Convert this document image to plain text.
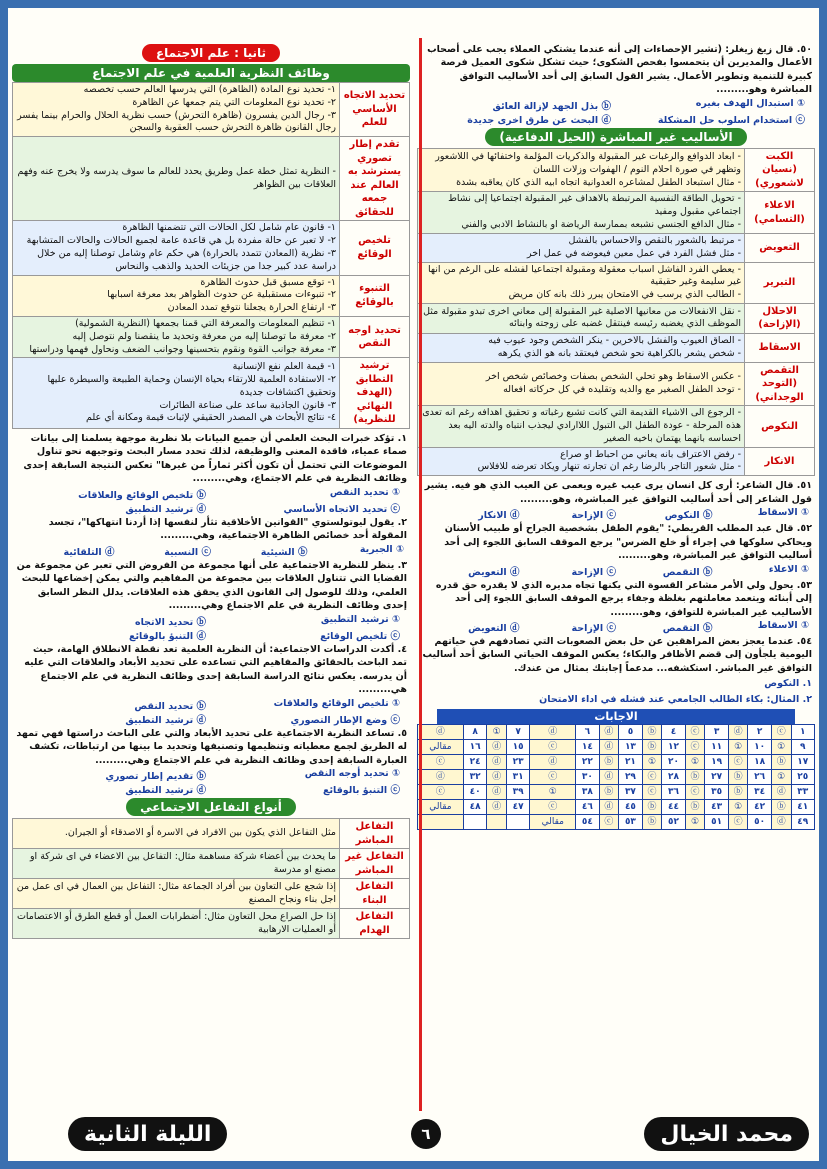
٥٠. قال زيغ زيغلر: (تشير الإحصاءات إلى أنه عندما يشتكي العملاء يجب على أصحاب الأعمال والمديرين أن يتحمسوا بفحص الشكوى؛ حيث تشكل شكوى العميل فرصة كبيرة للتنمية وتطوير الأعمال. يشير القول السابق إلى أحد الأساليب التوافق المباشرة وهو.........
① استبدال الهدف بغيره
ⓑ بذل الجهد لإزالة العائق
ⓒ استخدام اسلوب حل المشكلة
ⓓ البحث عن طرق اخرى جديدة
الأساليب غير المباشرة (الحيل الدفاعية)
الكبت (نسيان لاشعوري)	- ابعاد الدوافع والرغبات غير المقبولة والذكريات المؤلمة واختفائها في اللاشعور وتظهر في صورة احلام النوم / الهفوات وزلات اللسان
- مثال استبعاد الطفل لمشاعره العدوانية اتجاه ابيه الذي كان يعاقبه بشدة
الاعلاء (التسامي)	- تحويل الطاقة النفسية المرتبطة بالاهداف غير المقبولة اجتماعيا إلى نشاط اجتماعي مقبول ومفيد
- مثال الدافع الجنسي نشبعه بممارسة الرياضة او بالنشاط الادبي والفني
التعويض	- مرتبط بالشعور بالنقص والاحساس بالفشل
- مثل فشل الفرد في عمل معين فيعوضه في عمل اخر
التبرير	- يعطي الفرد الفاشل اسباب معقولة ومقبولة اجتماعيا لفشله على الرغم من انها غير سليمة وغير حقيقية
- الطالب الذي يرسب في الامتحان يبرر ذلك بانه كان مريض
الاحلال (الإزاحة)	- نقل الانفعالات من معانيها الاصلية غير المقبولة إلى معاني اخرى تبدو مقبولة مثل الموظف الذي يغضبه رئيسه فينتقل غضبه على زوجته وابنائه
الاسقاط	- الصاق العيوب والفشل بالاخرين - ينكر الشخص وجود عيوب فيه
- شخص يشعر بالكراهية نحو شخص فيعتقد بانه هو الذي يكرهه
التقمص (التوحد الوجداني)	- عكس الاسقاط وهو تحلي الشخص بصفات وخصائص شخص اخر
- توحد الطفل الصغير مع والديه وتقليده في كل حركاته افعاله
النكوص	- الرجوع الى الاشياء القديمة التي كانت تشبع رغباته و تحقيق اهدافه رغم انه تعدى هذه المرحلة - عودة الطفل الى التبول اللاارادي ليجذب انتباه والدته اليه بعد احساسه بانهما يهتمان باخيه الصغير
الانكار	- رفض الاعتراف بانه يعاني من احباط او صراع
- مثل شعور التاجر بالرضا رغم ان تجارته تنهار ويكاد تعرضه للافلاس
٥١. قال الشاعر: أرى كل انسان يرى عيب غيره ويعمى عن العيب الذي هو فيه. يشير قول الشاعر إلى أحد أساليب التوافق غير المباشرة، وهو.........
① الاسقاط
ⓑ النكوص
ⓒ الإزاحة
ⓓ الانكار
٥٢. قال عبد المطلب القريطي: "يقوم الطفل بشخصية الجراح أو طبيب الأسنان ويحاكي سلوكها في إجراء أو خلع الضرس" يرجع الموقف السابق اللجوء إلى أحد أساليب التوافق غير المباشرة، وهو.........
① الاعلاء
ⓑ التقمص
ⓒ الإزاحة
ⓓ التعويض
٥٣. يحول ولي الأمر مشاعر القسوة التي يكنها تجاه مديره الذي لا يقدره حق قدره إلى أبنائه ويتعمد معاملتهم بغلظة وجفاء يرجع الموقف السابق اللجوء إلى أحد الأساليب غير المباشرة للتوافق، وهو.........
① الاسقاط
ⓑ التقمص
ⓒ الإزاحة
ⓓ التعويض
٥٤. عندما يعجز بعض المراهقين عن حل بعض الصعوبات التي تصادفهم في حياتهم اليومية يلجأون إلى قضم الأظافر والبكاء؛ يعكس الموقف الحياتي السابق أحد أساليب التوافق غير المباشر. استكشفه... مدعماً إجابتك بمثال من عندك.
١. النكوص
٢. المثال: بكاء الطالب الجامعي عند فشله في اداء الامتحان
الاجابات
١	ⓒ	٢	ⓓ	٣	ⓒ	٤	ⓑ	٥	ⓓ	٦	ⓓ	٧	①	٨	ⓓ
٩	①	١٠	①	١١	ⓒ	١٢	ⓑ	١٣	ⓓ	١٤	ⓒ	١٥	ⓓ	١٦	مقالي
١٧	ⓑ	١٨	ⓒ	١٩	①	٢٠	①	٢١	ⓑ	٢٢	ⓓ	٢٣	ⓓ	٢٤	ⓒ
٢٥	①	٢٦	ⓑ	٢٧	ⓑ	٢٨	ⓒ	٢٩	ⓓ	٣٠	ⓒ	٣١	ⓓ	٣٢	ⓓ
٣٣	ⓓ	٣٤	ⓑ	٣٥	ⓒ	٣٦	ⓒ	٣٧	ⓑ	٣٨	①	٣٩	ⓓ	٤٠	ⓒ
٤١	ⓑ	٤٢	①	٤٣	ⓑ	٤٤	ⓑ	٤٥	ⓓ	٤٦	ⓒ	٤٧	ⓓ	٤٨	مقالي
٤٩	ⓓ	٥٠	ⓒ	٥١	①	٥٢	ⓑ	٥٣	ⓒ	٥٤	مقالي				
ثانيا : علم الاجتماع
وظائف النظرية العلمية في علم الاجتماع
تحديد الاتجاه الأساسي للعلم	١- تحديد نوع المادة (الظاهرة) التي يدرسها العالم حسب تخصصه
٢- تحديد نوع المعلومات التي يتم جمعها عن الظاهرة
٣- رجال الدين يفسرون (ظاهرة التحرش) حسب نظرية الحلال والحرام بينما يفسر رجال القانون ظاهرة التحرش حسب العقوبة والسجن
تقدم إطار تصوري يسترشد به العالم عند جمعه للحقائق	- النظرية تمثل خطة عمل وطريق يحدد للعالم ما سوف يدرسه ولا يخرج عنه وفهم العلاقات بين الظواهر
تلخيص الوقائع	١- قانون عام شامل لكل الحالات التي تتضمنها الظاهرة
٢- لا تعبر عن حالة مفردة بل هي قاعدة عامة لجميع الحالات والحالات المتشابهة
٣- نظرية (المعادن تتمدد بالحرارة) هي حكم عام وشامل توصلنا إليه من خلال دراسة عدد كبير جدا من جزيئات الحديد والذهب والنحاس
التنبوء بالوقائع	١- توقع مسبق قبل حدوث الظاهرة
٢- تنبوءات مستقبلية عن حدوث الظواهر بعد معرفة اسبابها
٣- ارتفاع الحرارة يجعلنا نتوقع تمدد المعادن
تحديد اوجه النقص	١- تنظيم المعلومات والمعرفة التي قمنا بجمعها (النظرية الشمولية)
٢- معرفة ما توصلنا إليه من معرفة وتحديد ما ينقصنا ولم نتوصل إليه
٣- معرفة جوانب القوة ونقوم بتحسينها وجوانب الضعف ونحاول فهمها ودراستها
ترشيد التطابق (الهدف النهائي للنظرية)	١- قيمة العلم نفع الإنسانية
٢- الاستفادة العلمية للارتقاء بحياة الإنسان وحماية الطبيعة والسيطرة عليها وتحقيق اكتشافات جديدة
٣- قانون الجاذبية ساعد على صناعة الطائرات
٤- نتائج الأبحاث هي المصدر الحقيقي لإثبات قيمة ومكانة أي علم
١. تؤكد خبرات البحث العلمي أن جميع البيانات بلا نظرية موجهة يسلمنا إلى بيانات صماء عمياء، فاقدة المعنى والوظيفة، لذلك تحدد مسار البحث وتوجيهه نحو تناول الموضوعات التي تحتمل أن تكون أكثر ثماراً من غيرها" تعكس النتيجة السابقة إحدى وظائف النظرية في علم الاجتماع، وهي.........
① تحديد النقص
ⓑ تلخيص الوقائع والعلاقات
ⓒ تحديد الاتجاه الأساسي
ⓓ ترشيد التطبيق
٢. يقول ليوتولستوي "القوانين الأخلاقية تثأر لنفسها إذا أردنا انتهاكها"، تجسد المقولة أحد خصائص الظاهرة الاجتماعية، وهي.........
① الجبرية
ⓑ الشيئية
ⓒ النسبية
ⓓ التلقائية
٣. ينظر للنظرية الاجتماعية على أنها مجموعة من الفروض التي تعبر عن مجموعة من القضايا التي تتناول العلاقات بين مجموعة من المفاهيم والتي يمكن إخضاعها للبحث العلمي، وذلك للوصول إلى القانون الذي يحقق هذه العلاقات. يدلل النظر السابق إحدى وظائف النظرية في علم الاجتماع وهي.........
① ترشيد التطبيق
ⓑ تحديد الاتجاه
ⓒ تلخيص الوقائع
ⓓ التنبؤ بالوقائع
٤. أكدت الدراسات الاجتماعية: أن النظرية العلمية تعد نقطة الانطلاق الهامة، حيث تمد الباحث بالحقائق والمفاهيم التي تساعده على تحديد الأبعاد والعلاقات التي عليه أن يدرسه. يعكس نتائج الدراسة السابقة إحدى وظائف النظرية في علم الاجتماع هي.........
① تلخيص الوقائع والعلاقات
ⓑ تحديد النقص
ⓒ وضع الإطار التصوري
ⓓ ترشيد التطبيق
٥. تساعد النظرية الاجتماعية على تحديد الأبعاد والتي على الباحث دراستها فهي تمهد له الطريق لجمع معطياته وتنظيمها وتصنيفها وتحديد ما بينها من ارتباطات، تكشف العبارة السابقة إحدى وظائف النظرية في علم الاجتماع وهي.........
① تحديد أوجه النقص
ⓑ تقديم إطار تصوري
ⓒ التنبؤ بالوقائع
ⓓ ترشيد التطبيق
أنواع التفاعل الاجتماعي
التفاعل المباشر	مثل التفاعل الذي يكون بين الافراد في الاسرة أو الاصدقاء أو الجيران.
التفاعل غير المباشر	ما يحدث بين أعضاء شركة مساهمة مثال: التفاعل بين الاعضاء في اى شركة او مصنع او مدرسة
التفاعل البناء	إذا شجع على التعاون بين أفراد الجماعة مثال: التفاعل بين العمال في اى عمل من اجل بناء ونجاح المصنع
التفاعل الهدام	إذا حل الصراع محل التعاون مثال: أضطرابات العمل أو قطع الطرق أو الاعتصامات أو العمليات الارهابية
محمد الخيال
٦
الليلة الثانية
